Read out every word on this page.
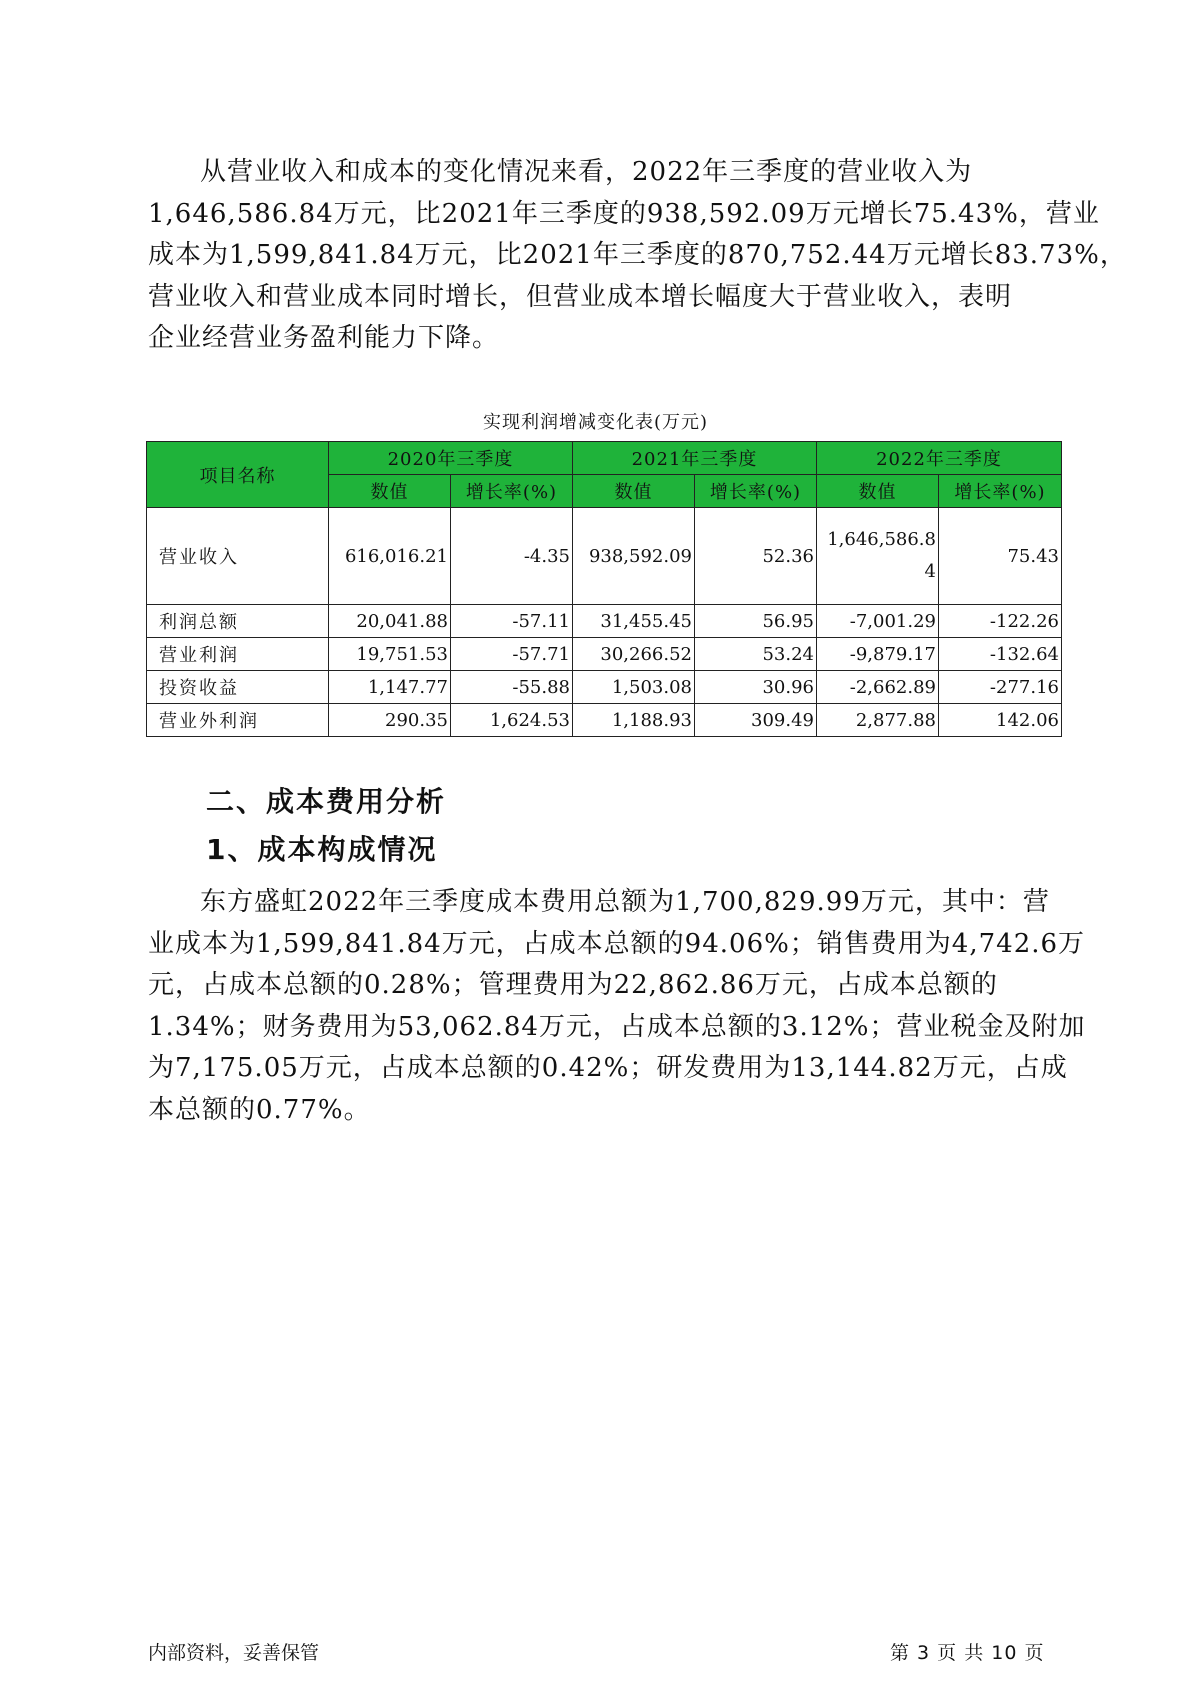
从营业收入和成本的变化情况来看，2022年三季度的营业收入为

1,646,586.84万元，比2021年三季度的938,592.09万元增长75.43%，营业

成本为1,599,841.84万元，比2021年三季度的870,752.44万元增长83.73%，

营业收入和营业成本同时增长，但营业成本增长幅度大于营业收入，表明

企业经营业务盈利能力下降。

实现利润增减变化表(万元)
项目名称	2020年三季度		2021年三季度		2022年三季度	
	数值	增长率(%)	数值	增长率(%)	数值	增长率(%)
营业收入	616,016.21	-4.35	938,592.09	52.36	1,646,586.84	75.43
利润总额	20,041.88	-57.11	31,455.45	56.95	-7,001.29	-122.26
营业利润	19,751.53	-57.71	30,266.52	53.24	-9,879.17	-132.64
投资收益	1,147.77	-55.88	1,503.08	30.96	-2,662.89	-277.16
营业外利润	290.35	1,624.53	1,188.93	309.49	2,877.88	142.06
二、成本费用分析
1、成本构成情况

东方盛虹2022年三季度成本费用总额为1,700,829.99万元，其中：营

业成本为1,599,841.84万元，占成本总额的94.06%；销售费用为4,742.6万

元，占成本总额的0.28%；管理费用为22,862.86万元，占成本总额的

1.34%；财务费用为53,062.84万元，占成本总额的3.12%；营业税金及附加

为7,175.05万元，占成本总额的0.42%；研发费用为13,144.82万元，占成

本总额的0.77%。

内部资料，妥善保管	第 3 页 共 10 页
